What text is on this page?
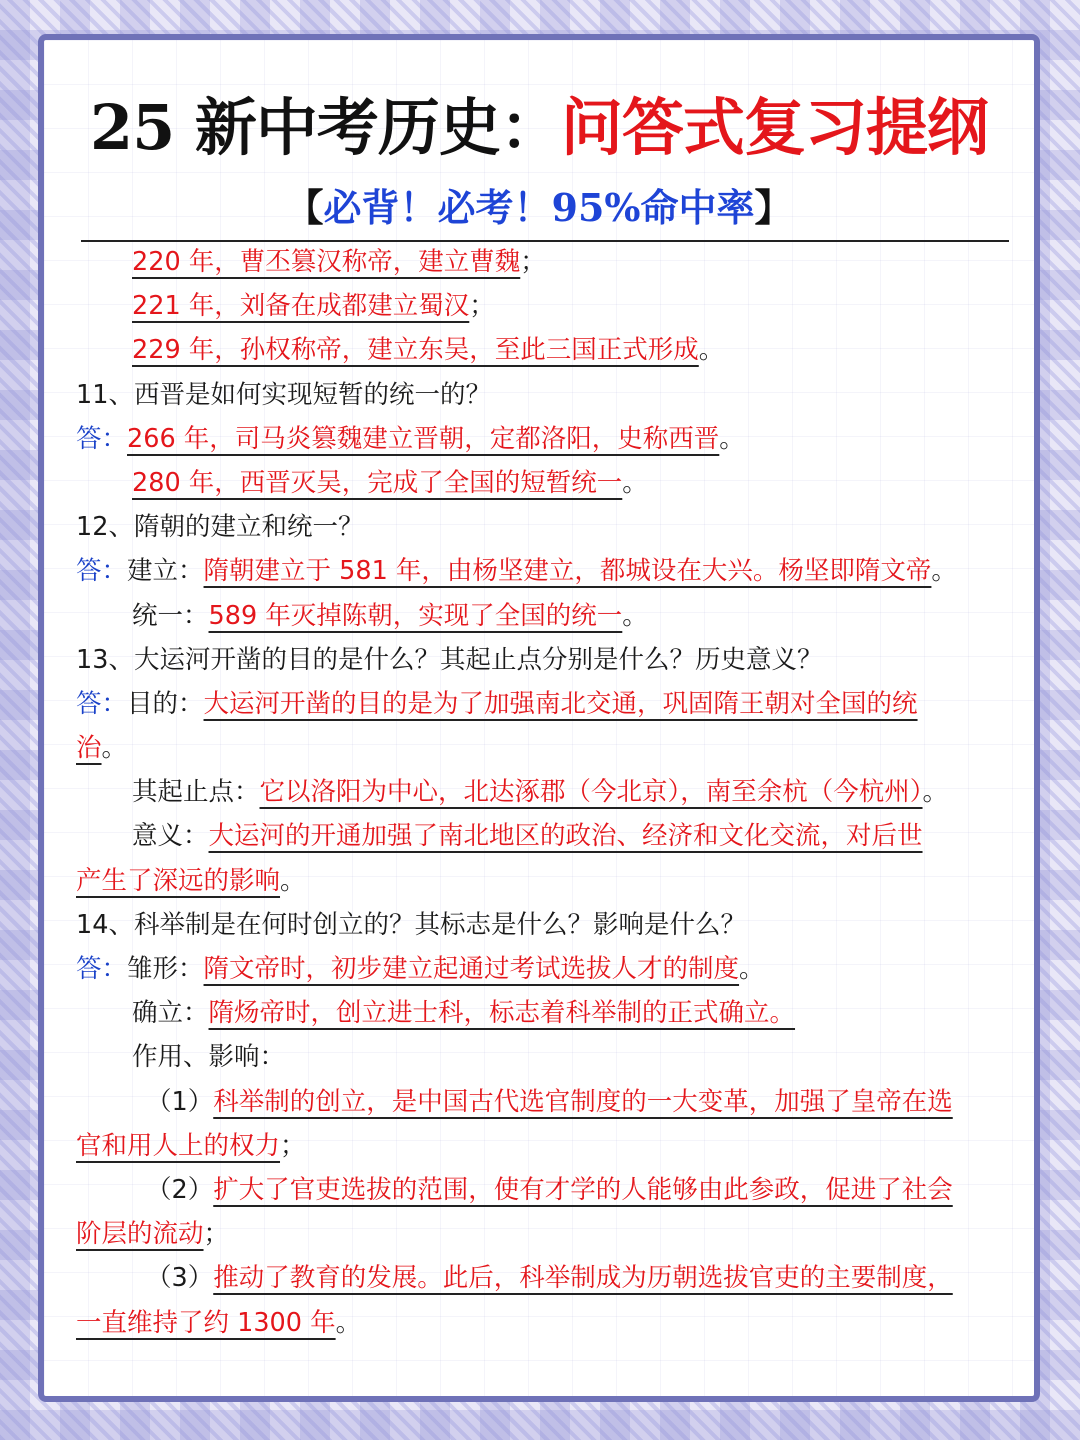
25 新中考历史：问答式复习提纲
【必背！必考！95%命中率】
220 年，曹丕篡汉称帝，建立曹魏；
221 年，刘备在成都建立蜀汉；
229 年，孙权称帝，建立东吴，至此三国正式形成。
11、西晋是如何实现短暂的统一的？
答：266 年，司马炎篡魏建立晋朝，定都洛阳，史称西晋。
280 年，西晋灭吴，完成了全国的短暂统一。
12、隋朝的建立和统一？
答：建立：隋朝建立于 581 年，由杨坚建立，都城设在大兴。杨坚即隋文帝。
统一：589 年灭掉陈朝，实现了全国的统一。
13、大运河开凿的目的是什么？其起止点分别是什么？历史意义？
答：目的：大运河开凿的目的是为了加强南北交通，巩固隋王朝对全国的统
治。
其起止点：它以洛阳为中心，北达涿郡（今北京），南至余杭（今杭州）。
意义：大运河的开通加强了南北地区的政治、经济和文化交流，对后世
产生了深远的影响。
14、科举制是在何时创立的？其标志是什么？影响是什么？
答：雏形：隋文帝时，初步建立起通过考试选拔人才的制度。
确立：隋炀帝时，创立进士科，标志着科举制的正式确立。
作用、影响：
（1）科举制的创立，是中国古代选官制度的一大变革，加强了皇帝在选
官和用人上的权力；
（2）扩大了官吏选拔的范围，使有才学的人能够由此参政，促进了社会
阶层的流动；
（3）推动了教育的发展。此后，科举制成为历朝选拔官吏的主要制度，
一直维持了约 1300 年。
